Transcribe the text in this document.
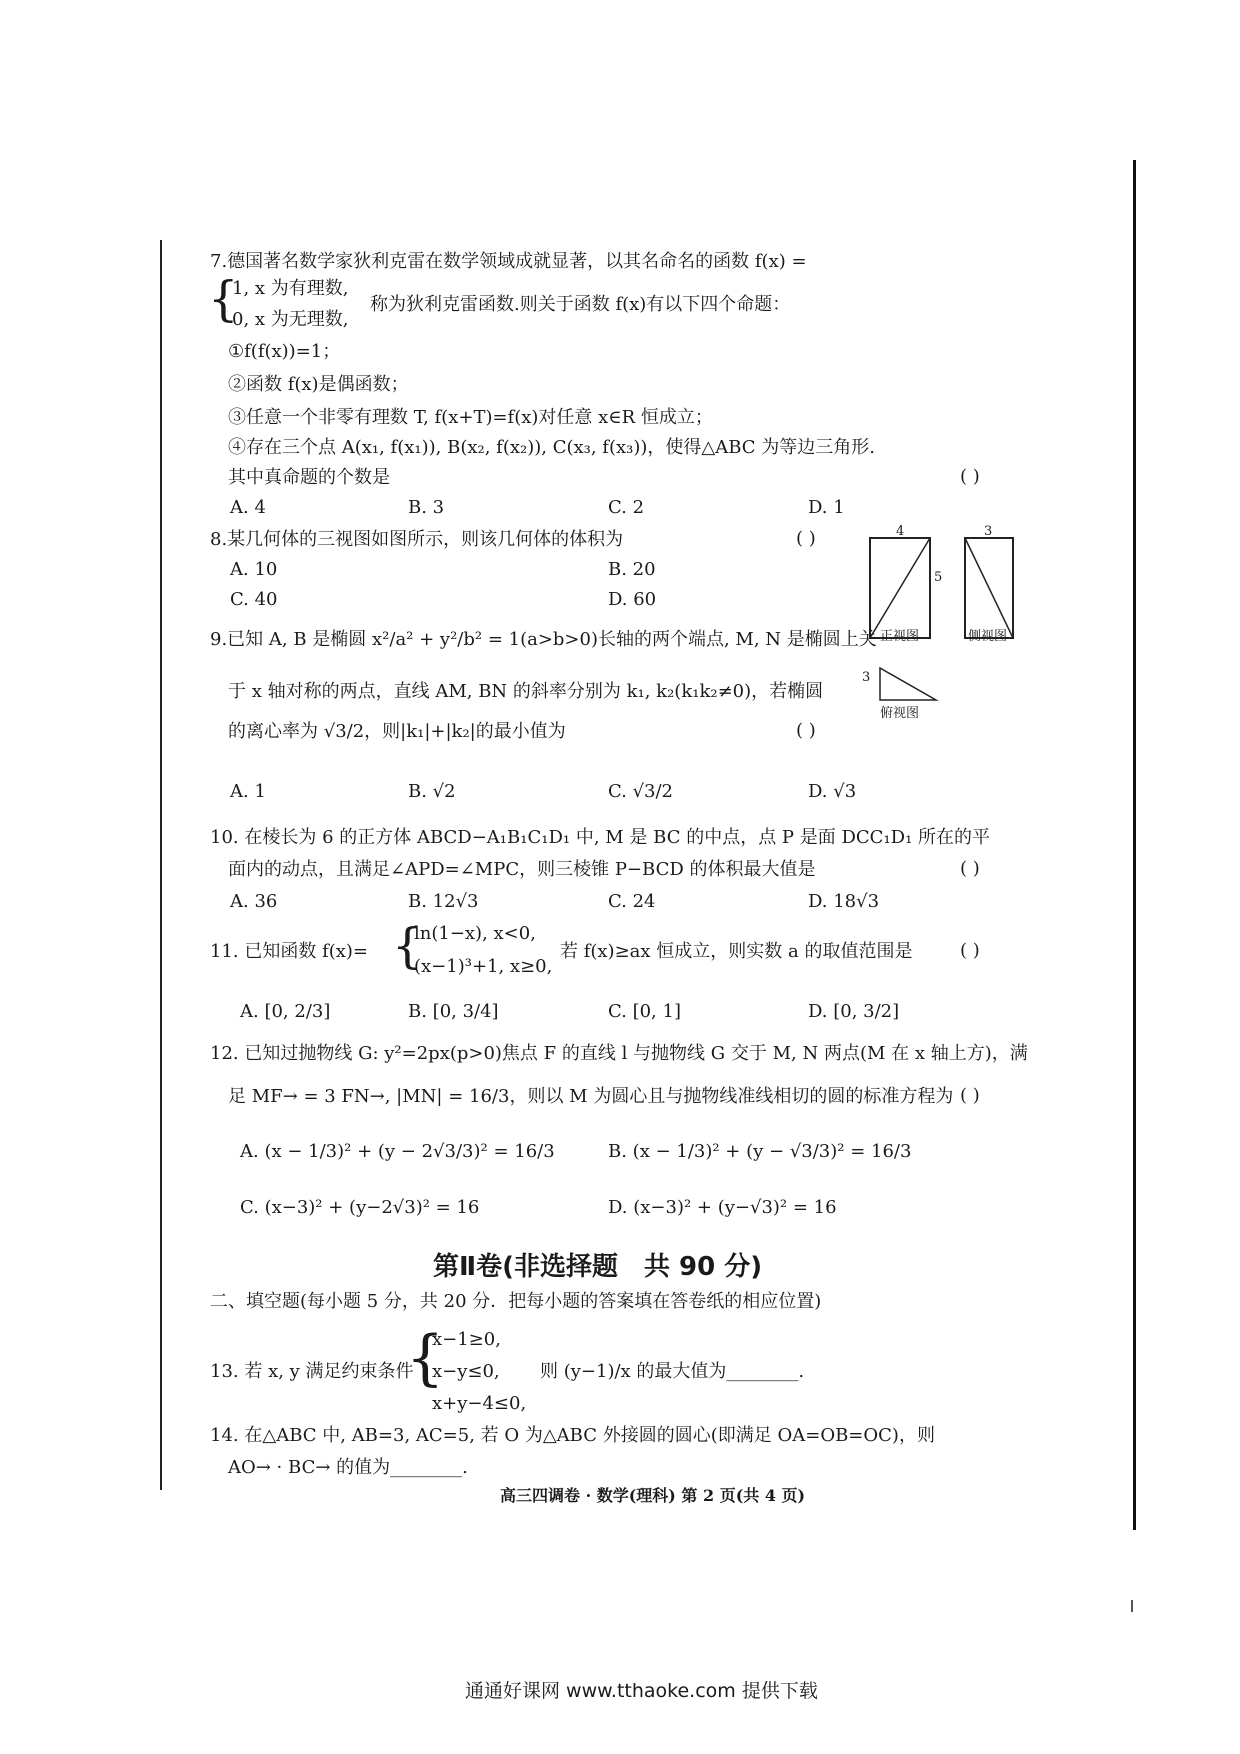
7.德国著名数学家狄利克雷在数学领域成就显著，以其名命名的函数 f(x) =
{
1, x 为有理数,
0, x 为无理数,
称为狄利克雷函数.则关于函数 f(x)有以下四个命题：
①f(f(x))=1；
②函数 f(x)是偶函数；
③任意一个非零有理数 T, f(x+T)=f(x)对任意 x∈R 恒成立；
④存在三个点 A(x₁, f(x₁)), B(x₂, f(x₂)), C(x₃, f(x₃))，使得△ABC 为等边三角形.
其中真命题的个数是	( )
A. 4	B. 3	C. 2	D. 1
8.某几何体的三视图如图所示，则该几何体的体积为	( )
A. 10	B. 20
C. 40	D. 60
4
5
3
3
正视图	侧视图
俯视图
9.已知 A, B 是椭圆 x²/a² + y²/b² = 1(a>b>0)长轴的两个端点, M, N 是椭圆上关
于 x 轴对称的两点，直线 AM, BN 的斜率分别为 k₁, k₂(k₁k₂≠0)，若椭圆
的离心率为 √3/2，则|k₁|+|k₂|的最小值为	( )
A. 1	B. √2	C. √3/2	D. √3
10. 在棱长为 6 的正方体 ABCD−A₁B₁C₁D₁ 中, M 是 BC 的中点，点 P 是面 DCC₁D₁ 所在的平
面内的动点，且满足∠APD=∠MPC，则三棱锥 P−BCD 的体积最大值是	( )
A. 36	B. 12√3	C. 24	D. 18√3
11. 已知函数 f(x)= {
ln(1−x), x<0,
(x−1)³+1, x≥0,
若 f(x)≥ax 恒成立，则实数 a 的取值范围是	( )
A. [0, 2/3]	B. [0, 3/4]	C. [0, 1]	D. [0, 3/2]
12. 已知过抛物线 G: y²=2px(p>0)焦点 F 的直线 l 与抛物线 G 交于 M, N 两点(M 在 x 轴上方)，满
足 MF→ = 3 FN→, |MN| = 16/3，则以 M 为圆心且与抛物线准线相切的圆的标准方程为 ( )
A. (x − 1/3)² + (y − 2√3/3)² = 16/3	B. (x − 1/3)² + (y − √3/3)² = 16/3
C. (x−3)² + (y−2√3)² = 16	D. (x−3)² + (y−√3)² = 16
第Ⅱ卷(非选择题　共 90 分)
二、填空题(每小题 5 分，共 20 分．把每小题的答案填在答卷纸的相应位置)
13. 若 x, y 满足约束条件
{
x−1≥0,
x−y≤0,
x+y−4≤0,
则 (y−1)/x 的最大值为________.
14. 在△ABC 中, AB=3, AC=5, 若 O 为△ABC 外接圆的圆心(即满足 OA=OB=OC)，则
AO→ · BC→ 的值为________.
高三四调卷 · 数学(理科) 第 2 页(共 4 页)
通通好课网 www.tthaoke.com 提供下载
